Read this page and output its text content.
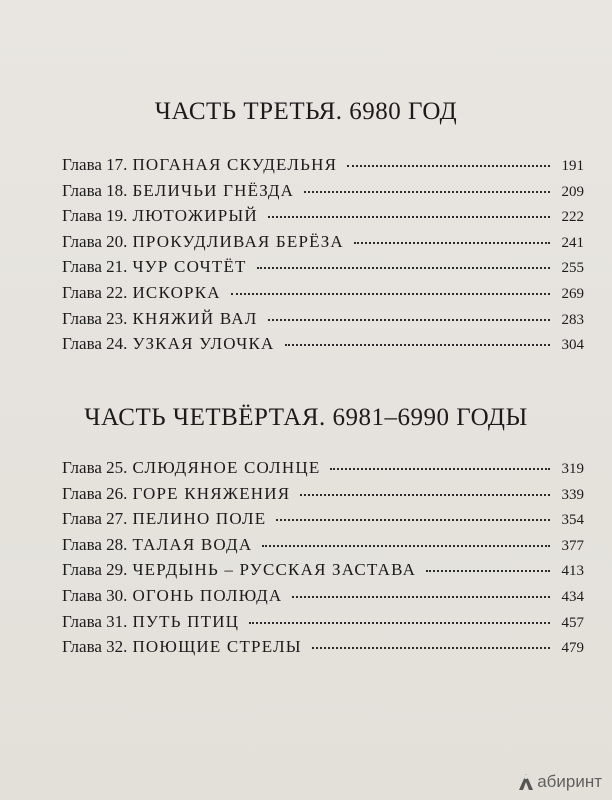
ЧАСТЬ ТРЕТЬЯ. 6980 ГОД
Глава 17. ПОГАНАЯ СКУДЕЛЬНЯ	191
Глава 18. БЕЛИЧЬИ ГНЁЗДА	209
Глава 19. ЛЮТОЖИРЫЙ	222
Глава 20. ПРОКУДЛИВАЯ БЕРЁЗА	241
Глава 21. ЧУР СОЧТЁТ	255
Глава 22. ИСКОРКА	269
Глава 23. КНЯЖИЙ ВАЛ	283
Глава 24. УЗКАЯ УЛОЧКА	304
ЧАСТЬ ЧЕТВЁРТАЯ. 6981–6990 ГОДЫ
Глава 25. СЛЮДЯНОЕ СОЛНЦЕ	319
Глава 26. ГОРЕ КНЯЖЕНИЯ	339
Глава 27. ПЕЛИНО ПОЛЕ	354
Глава 28. ТАЛАЯ ВОДА	377
Глава 29. ЧЕРДЫНЬ – РУССКАЯ ЗАСТАВА	413
Глава 30. ОГОНЬ ПОЛЮДА	434
Глава 31. ПУТЬ ПТИЦ	457
Глава 32. ПОЮЩИЕ СТРЕЛЫ	479
абиринт
